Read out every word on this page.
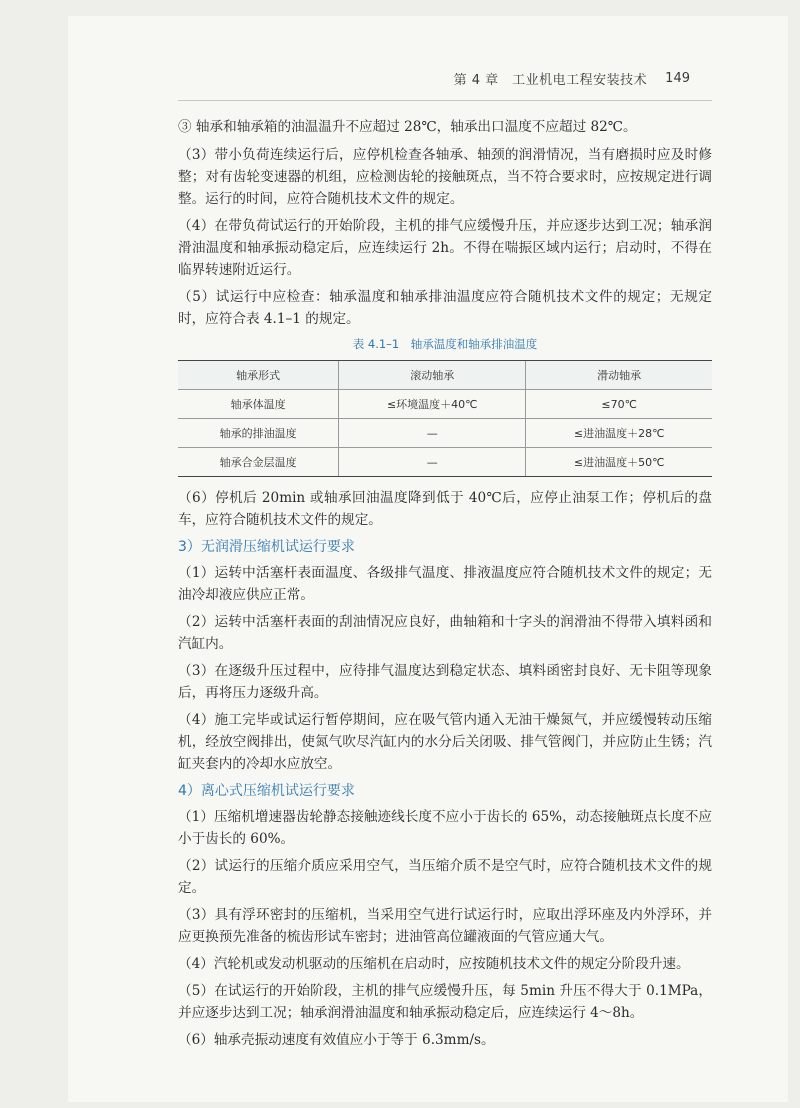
第 4 章　工业机电工程安装技术 149

③ 轴承和轴承箱的油温温升不应超过 28℃，轴承出口温度不应超过 82℃。

（3）带小负荷连续运行后，应停机检查各轴承、轴颈的润滑情况，当有磨损时应及时修整；对有齿轮变速器的机组，应检测齿轮的接触斑点，当不符合要求时，应按规定进行调整。运行的时间，应符合随机技术文件的规定。

（4）在带负荷试运行的开始阶段，主机的排气应缓慢升压，并应逐步达到工况；轴承润滑油温度和轴承振动稳定后，应连续运行 2h。不得在喘振区域内运行；启动时，不得在临界转速附近运行。

（5）试运行中应检查：轴承温度和轴承排油温度应符合随机技术文件的规定；无规定时，应符合表 4.1–1 的规定。

表 4.1–1　轴承温度和轴承排油温度
轴承形式	滚动轴承	滑动轴承
轴承体温度	≤环境温度＋40℃	≤70℃
轴承的排油温度	—	≤进油温度＋28℃
轴承合金层温度	—	≤进油温度＋50℃

（6）停机后 20min 或轴承回油温度降到低于 40℃后，应停止油泵工作；停机后的盘车，应符合随机技术文件的规定。

3）无润滑压缩机试运行要求

（1）运转中活塞杆表面温度、各级排气温度、排液温度应符合随机技术文件的规定；无油冷却液应供应正常。

（2）运转中活塞杆表面的刮油情况应良好，曲轴箱和十字头的润滑油不得带入填料函和汽缸内。

（3）在逐级升压过程中，应待排气温度达到稳定状态、填料函密封良好、无卡阻等现象后，再将压力逐级升高。

（4）施工完毕或试运行暂停期间，应在吸气管内通入无油干燥氮气，并应缓慢转动压缩机，经放空阀排出，使氮气吹尽汽缸内的水分后关闭吸、排气管阀门，并应防止生锈；汽缸夹套内的冷却水应放空。

4）离心式压缩机试运行要求

（1）压缩机增速器齿轮静态接触迹线长度不应小于齿长的 65%，动态接触斑点长度不应小于齿长的 60%。

（2）试运行的压缩介质应采用空气，当压缩介质不是空气时，应符合随机技术文件的规定。

（3）具有浮环密封的压缩机，当采用空气进行试运行时，应取出浮环座及内外浮环，并应更换预先准备的梳齿形试车密封；进油管高位罐液面的气管应通大气。

（4）汽轮机或发动机驱动的压缩机在启动时，应按随机技术文件的规定分阶段升速。

（5）在试运行的开始阶段，主机的排气应缓慢升压，每 5min 升压不得大于 0.1MPa，并应逐步达到工况；轴承润滑油温度和轴承振动稳定后，应连续运行 4～8h。

（6）轴承壳振动速度有效值应小于等于 6.3mm/s。
